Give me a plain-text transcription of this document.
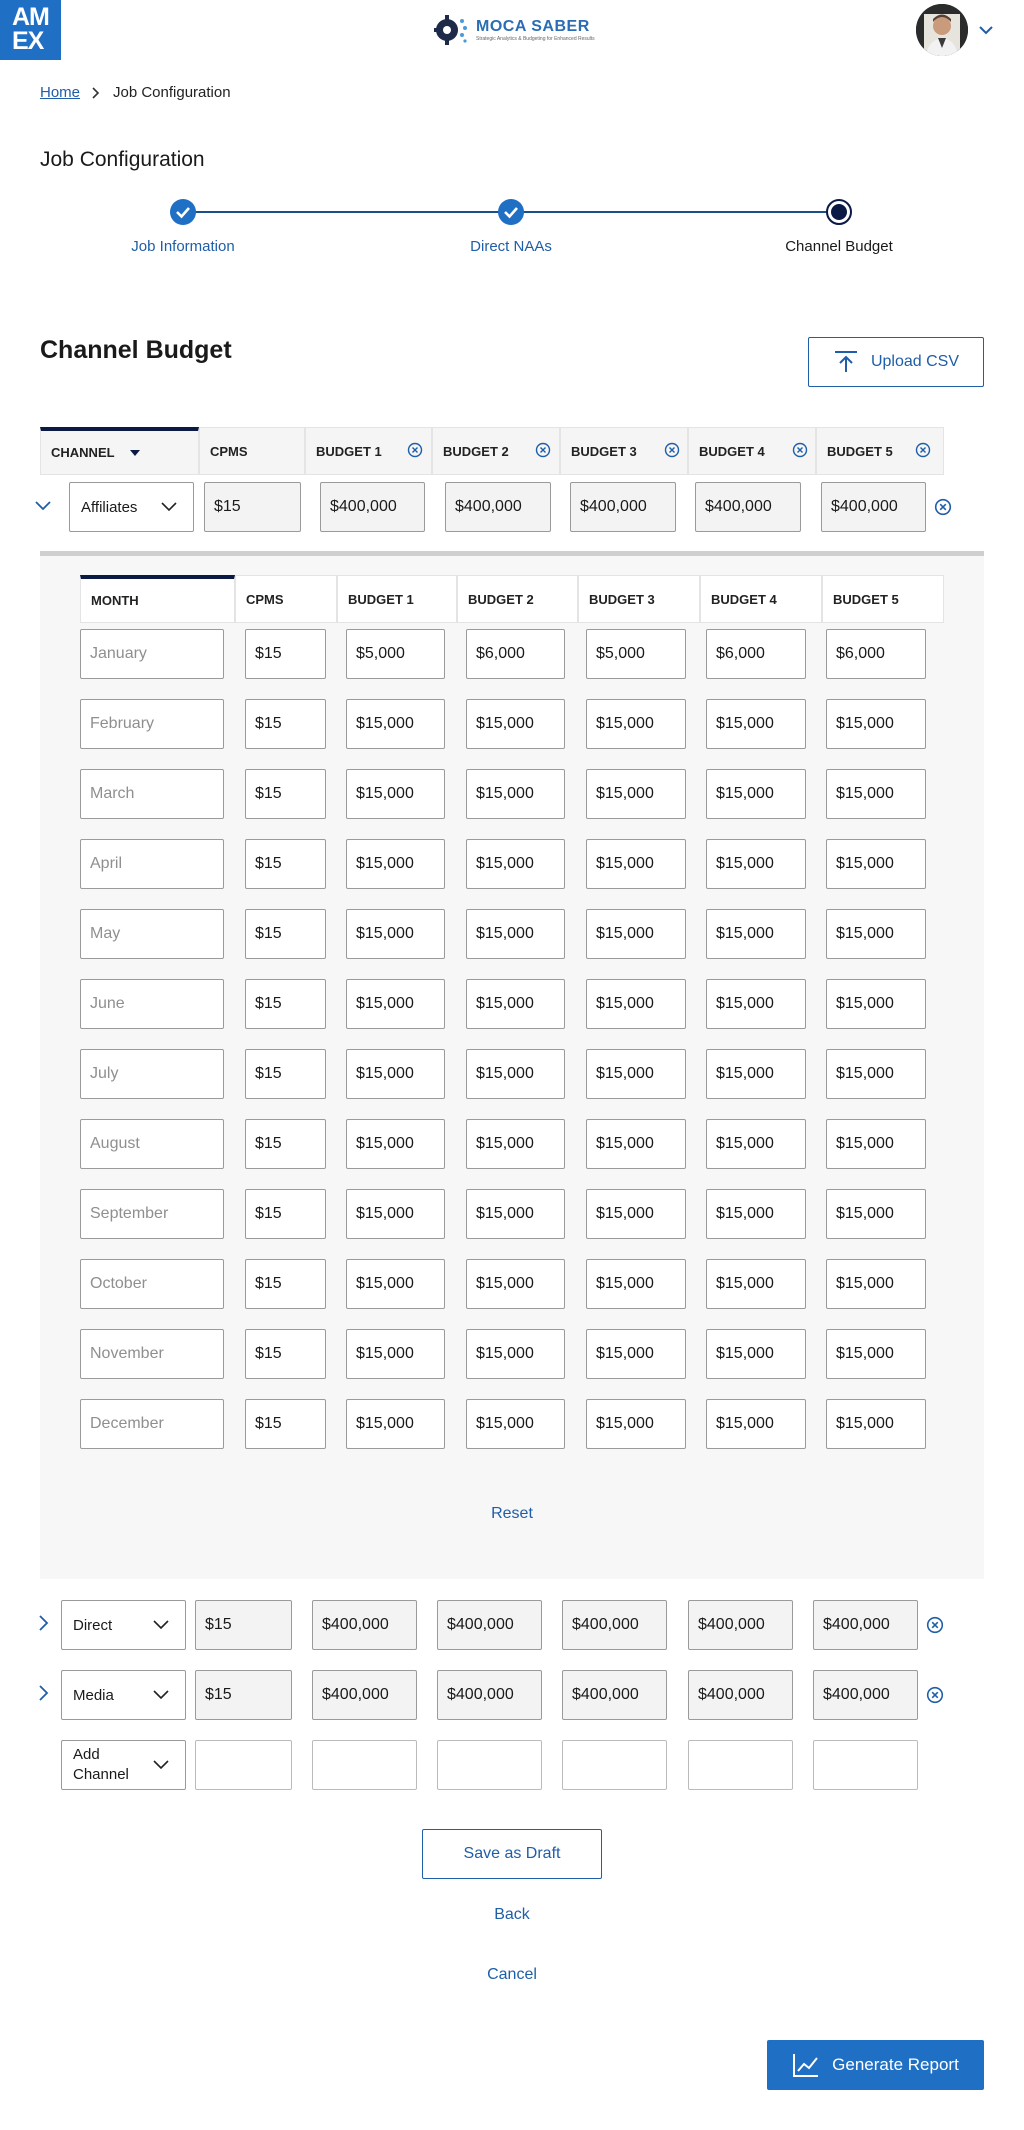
AM
EX
MOCA SABER
Strategic Analytics & Budgeting for Enhanced Results
Home Job Configuration
Job Configuration
Job Information	Direct NAAs	Channel Budget
Channel Budget	Upload CSV
CHANNEL	CPMS	BUDGET 1	BUDGET 2	BUDGET 3	BUDGET 4	BUDGET 5
Affiliates	$15	$400,000	$400,000	$400,000	$400,000	$400,000
MONTH	CPMS	BUDGET 1	BUDGET 2	BUDGET 3	BUDGET 4	BUDGET 5
January	$15	$5,000	$6,000	$5,000	$6,000	$6,000
February	$15	$15,000	$15,000	$15,000	$15,000	$15,000
March	$15	$15,000	$15,000	$15,000	$15,000	$15,000
April	$15	$15,000	$15,000	$15,000	$15,000	$15,000
May	$15	$15,000	$15,000	$15,000	$15,000	$15,000
June	$15	$15,000	$15,000	$15,000	$15,000	$15,000
July	$15	$15,000	$15,000	$15,000	$15,000	$15,000
August	$15	$15,000	$15,000	$15,000	$15,000	$15,000
September	$15	$15,000	$15,000	$15,000	$15,000	$15,000
October	$15	$15,000	$15,000	$15,000	$15,000	$15,000
November	$15	$15,000	$15,000	$15,000	$15,000	$15,000
December	$15	$15,000	$15,000	$15,000	$15,000	$15,000
Reset
Direct	$15	$400,000	$400,000	$400,000	$400,000	$400,000
Media	$15	$400,000	$400,000	$400,000	$400,000	$400,000
Add Channel
Save as Draft
Back
Cancel
Generate Report
